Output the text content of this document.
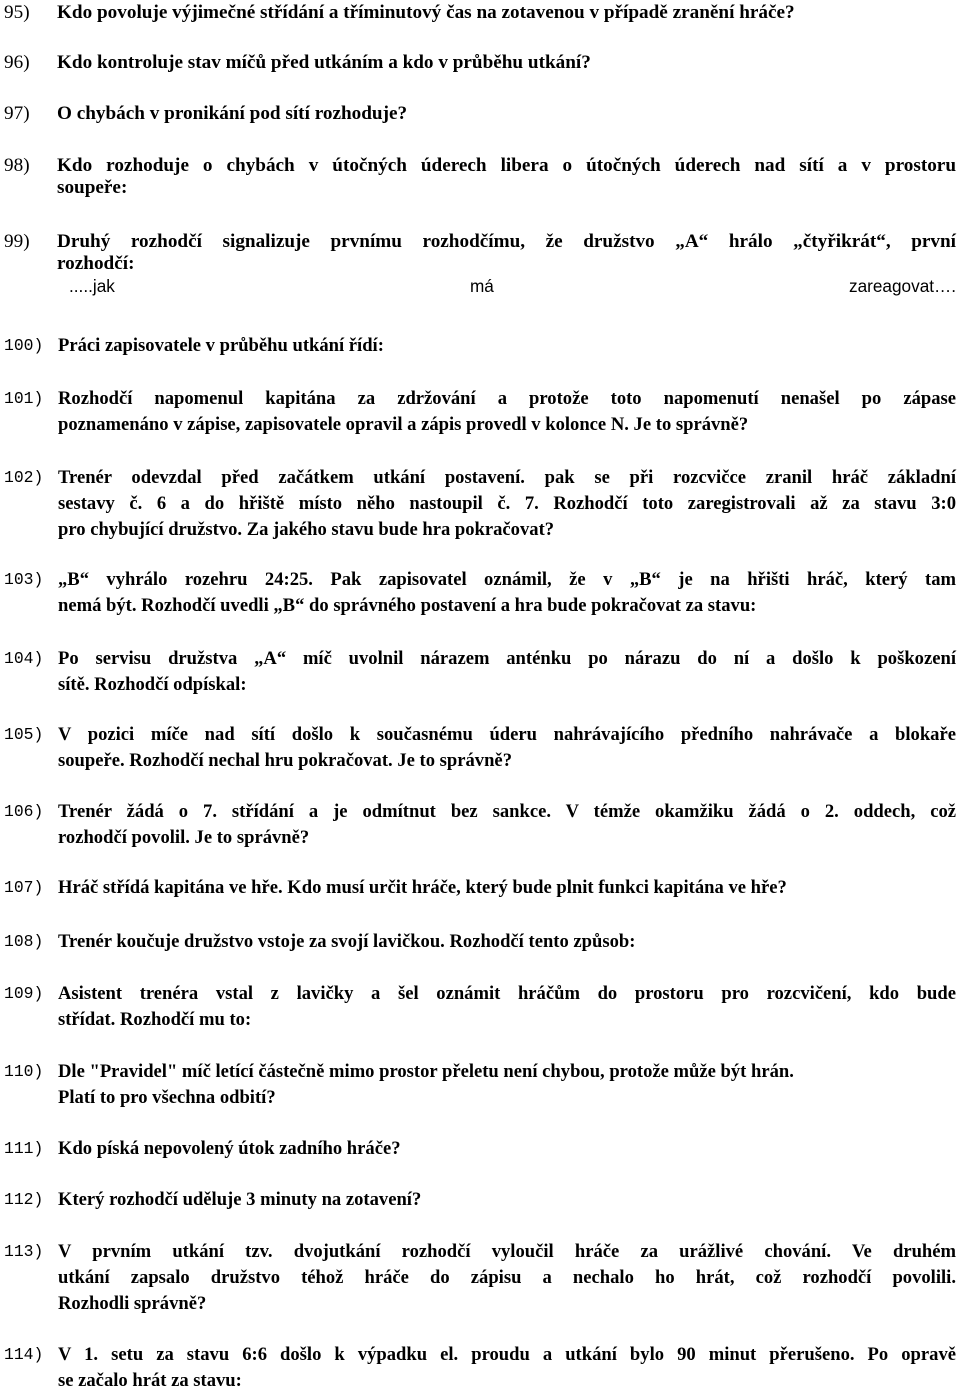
95)	Kdo povoluje výjimečné střídání a tříminutový čas na zotavenou v případě zranění hráče?
96)	Kdo kontroluje stav míčů před utkáním a kdo v průběhu utkání?
97)	O chybách v pronikání pod sítí rozhoduje?
98)	Kdo rozhoduje o chybách v útočných úderech libera o útočných úderech nad sítí a v prostoru
soupeře:
99)	Druhý rozhodčí signalizuje prvnímu rozhodčímu, že družstvo „A“ hrálo „čtyřikrát“, první
rozhodčí:
.....jak má zareagovat….
100) Práci zapisovatele v průběhu utkání řídí:
101) Rozhodčí napomenul kapitána za zdržování a protože toto napomenutí nenašel po zápase
poznamenáno v zápise, zapisovatele opravil a zápis provedl v kolonce N. Je to správně?
102) Trenér odevzdal před začátkem utkání postavení. pak se při rozcvičce zranil hráč základní
sestavy č. 6 a do hřiště místo něho nastoupil č. 7. Rozhodčí toto zaregistrovali až za stavu 3:0
pro chybující družstvo. Za jakého stavu bude hra pokračovat?
103) „B“ vyhrálo rozehru 24:25. Pak zapisovatel oznámil, že v „B“ je na hřišti hráč, který tam
nemá být. Rozhodčí uvedli „B“ do správného postavení a hra bude pokračovat za stavu:
104) Po servisu družstva „A“ míč uvolnil nárazem anténku po nárazu do ní a došlo k poškození
sítě. Rozhodčí odpískal:
105) V pozici míče nad sítí došlo k současnému úderu nahrávajícího předního nahrávače a blokaře
soupeře. Rozhodčí nechal hru pokračovat. Je to správně?
106) Trenér žádá o 7. střídání a je odmítnut bez sankce. V témže okamžiku žádá o 2. oddech, což
rozhodčí povolil. Je to správně?
107) Hráč střídá kapitána ve hře. Kdo musí určit hráče, který bude plnit funkci kapitána ve hře?
108) Trenér koučuje družstvo vstoje za svojí lavičkou. Rozhodčí tento způsob:
109) Asistent trenéra vstal z lavičky a šel oznámit hráčům do prostoru pro rozcvičení, kdo bude
střídat. Rozhodčí mu to:
110) Dle "Pravidel" míč letící částečně mimo prostor přeletu není chybou, protože může být hrán.
Platí to pro všechna odbití?
111) Kdo píská nepovolený útok zadního hráče?
112) Který rozhodčí uděluje 3 minuty na zotavení?
113) V prvním utkání tzv. dvojutkání rozhodčí vyloučil hráče za urážlivé chování. Ve druhém
utkání zapsalo družstvo téhož hráče do zápisu a nechalo ho hrát, což rozhodčí povolili.
Rozhodli správně?
114) V 1. setu za stavu 6:6 došlo k výpadku el. proudu a utkání bylo 90 minut přerušeno. Po opravě
se začalo hrát za stavu:
